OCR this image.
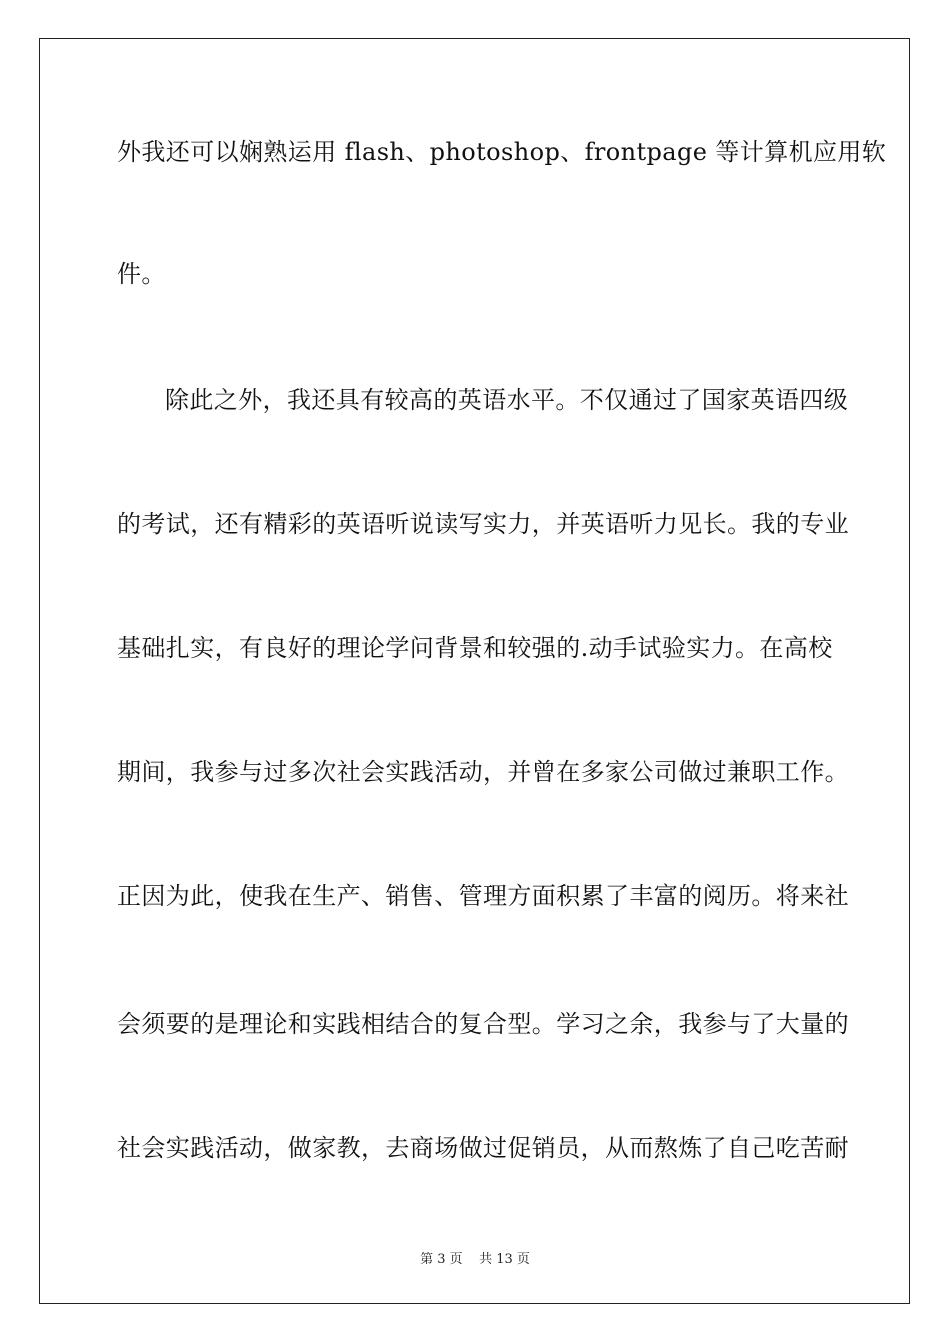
外我还可以娴熟运用 flash、photoshop、frontpage 等计算机应用软
件。
除此之外，我还具有较高的英语水平。不仅通过了国家英语四级
的考试，还有精彩的英语听说读写实力，并英语听力见长。我的专业
基础扎实，有良好的理论学问背景和较强的.动手试验实力。在高校
期间，我参与过多次社会实践活动，并曾在多家公司做过兼职工作。
正因为此，使我在生产、销售、管理方面积累了丰富的阅历。将来社
会须要的是理论和实践相结合的复合型。学习之余，我参与了大量的
社会实践活动，做家教，去商场做过促销员，从而熬炼了自己吃苦耐
第 3 页    共 13 页
